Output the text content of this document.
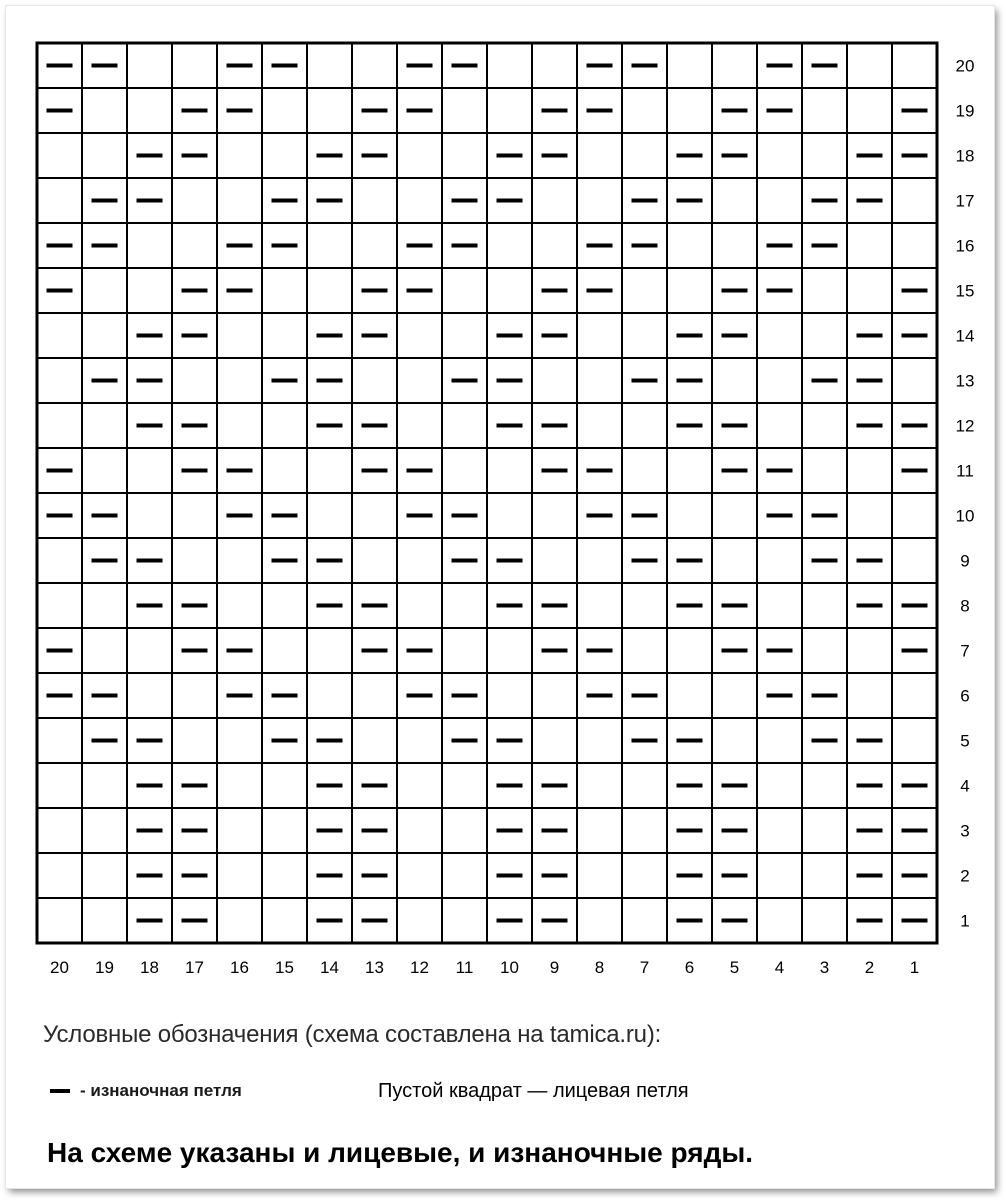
20
19
18
17
16
15
14
13
12
11
10
9
8
7
6
5
4
3
2
1
20 19 18 17 16 15 14 13 12 11 10 9 8 7 6 5 4 3 2 1
Условные обозначения (схема составлена на tamica.ru):
- изнаночная петля	Пустой квадрат — лицевая петля
На схеме указаны и лицевые, и изнаночные ряды.
